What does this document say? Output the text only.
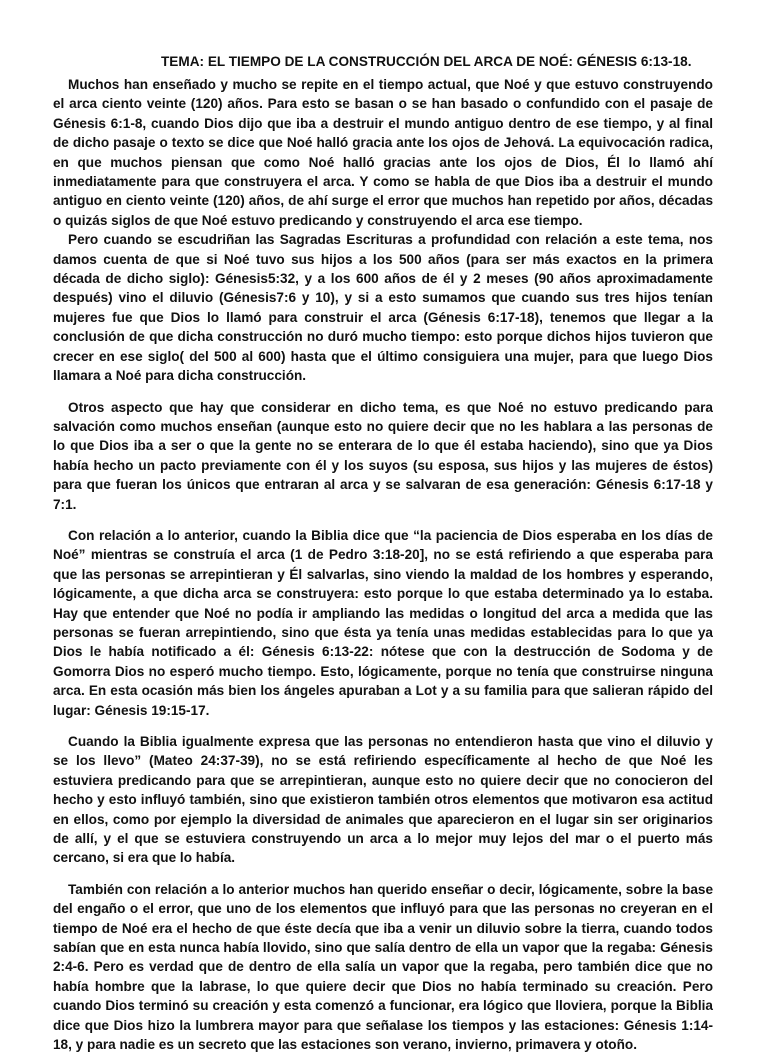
TEMA: EL TIEMPO DE LA CONSTRUCCIÓN DEL ARCA DE NOÉ: GÉNESIS 6:13-18.

Muchos han enseñado y mucho se repite en el tiempo actual, que Noé y que estuvo construyendo el arca ciento veinte (120) años. Para esto se basan o se han basado o confundido con el pasaje de Génesis 6:1-8, cuando Dios dijo que iba a destruir el mundo antiguo dentro de ese tiempo, y al final de dicho pasaje o texto se dice que Noé halló gracia ante los ojos de Jehová. La equivocación radica, en que muchos piensan que como Noé halló gracias ante los ojos de Dios, Él lo llamó ahí inmediatamente para que construyera el arca. Y como se habla de que Dios iba a destruir el mundo antiguo en ciento veinte (120) años, de ahí surge el error que muchos han repetido por años, décadas o quizás siglos de que Noé estuvo predicando y construyendo el arca ese tiempo.

Pero cuando se escudriñan las Sagradas Escrituras a profundidad con relación a este tema, nos damos cuenta de que si Noé tuvo sus hijos a los 500 años (para ser más exactos en la primera década de dicho siglo): Génesis5:32, y a los 600 años de él y 2 meses (90 años aproximadamente después) vino el diluvio (Génesis7:6 y 10), y si a esto sumamos que cuando sus tres hijos tenían mujeres fue que Dios lo llamó para construir el arca (Génesis 6:17-18), tenemos que llegar a la conclusión de que dicha construcción no duró mucho tiempo: esto porque dichos hijos tuvieron que crecer en ese siglo( del 500 al 600) hasta que el último consiguiera una mujer, para que luego Dios llamara a Noé para dicha construcción.

Otros aspecto que hay que considerar en dicho tema, es que Noé no estuvo predicando para salvación como muchos enseñan (aunque esto no quiere decir que no les hablara a las personas de lo que Dios iba a ser o que la gente no se enterara de lo que él estaba haciendo), sino que ya Dios había hecho un pacto previamente con él y los suyos (su esposa, sus hijos y las mujeres de éstos) para que fueran los únicos que entraran al arca y se salvaran de esa generación: Génesis 6:17-18 y 7:1.

Con relación a lo anterior, cuando la Biblia dice que “la paciencia de Dios esperaba en los días de Noé” mientras se construía el arca (1 de Pedro 3:18-20], no se está refiriendo a que esperaba para que las personas se arrepintieran y Él salvarlas, sino viendo la maldad de los hombres y esperando, lógicamente, a que dicha arca se construyera: esto porque lo que estaba determinado ya lo estaba. Hay que entender que Noé no podía ir ampliando las medidas o longitud del arca a medida que las personas se fueran arrepintiendo, sino que ésta ya tenía unas medidas establecidas para lo que ya Dios le había notificado a él: Génesis 6:13-22: nótese que con la destrucción de Sodoma y de Gomorra Dios no esperó mucho tiempo. Esto, lógicamente, porque no tenía que construirse ninguna arca. En esta ocasión más bien los ángeles apuraban a Lot y a su familia para que salieran rápido del lugar: Génesis 19:15-17.

Cuando la Biblia igualmente expresa que las personas no entendieron hasta que vino el diluvio y se los llevo” (Mateo 24:37-39), no se está refiriendo específicamente al hecho de que Noé les estuviera predicando para que se arrepintieran, aunque esto no quiere decir que no conocieron del hecho y esto influyó también, sino que existieron también otros elementos que motivaron esa actitud en ellos, como por ejemplo la diversidad de animales que aparecieron en el lugar sin ser originarios de allí, y el que se estuviera construyendo un arca a lo mejor muy lejos del mar o el puerto más cercano, si era que lo había.

También con relación a lo anterior muchos han querido enseñar o decir, lógicamente, sobre la base del engaño o el error, que uno de los elementos que influyó para que las personas no creyeran en el tiempo de Noé era el hecho de que éste decía que iba a venir un diluvio sobre la tierra, cuando todos sabían que en esta nunca había llovido, sino que salía dentro de ella un vapor que la regaba: Génesis 2:4-6. Pero es verdad que de dentro de ella salía un vapor que la regaba, pero también dice que no había hombre que la labrase, lo que quiere decir que Dios no había terminado su creación. Pero cuando Dios terminó su creación y esta comenzó a funcionar, era lógico que lloviera, porque la Biblia dice que Dios hizo la lumbrera mayor para que señalase los tiempos y las estaciones: Génesis 1:14-18, y para nadie es un secreto que las estaciones son verano, invierno, primavera y otoño.
